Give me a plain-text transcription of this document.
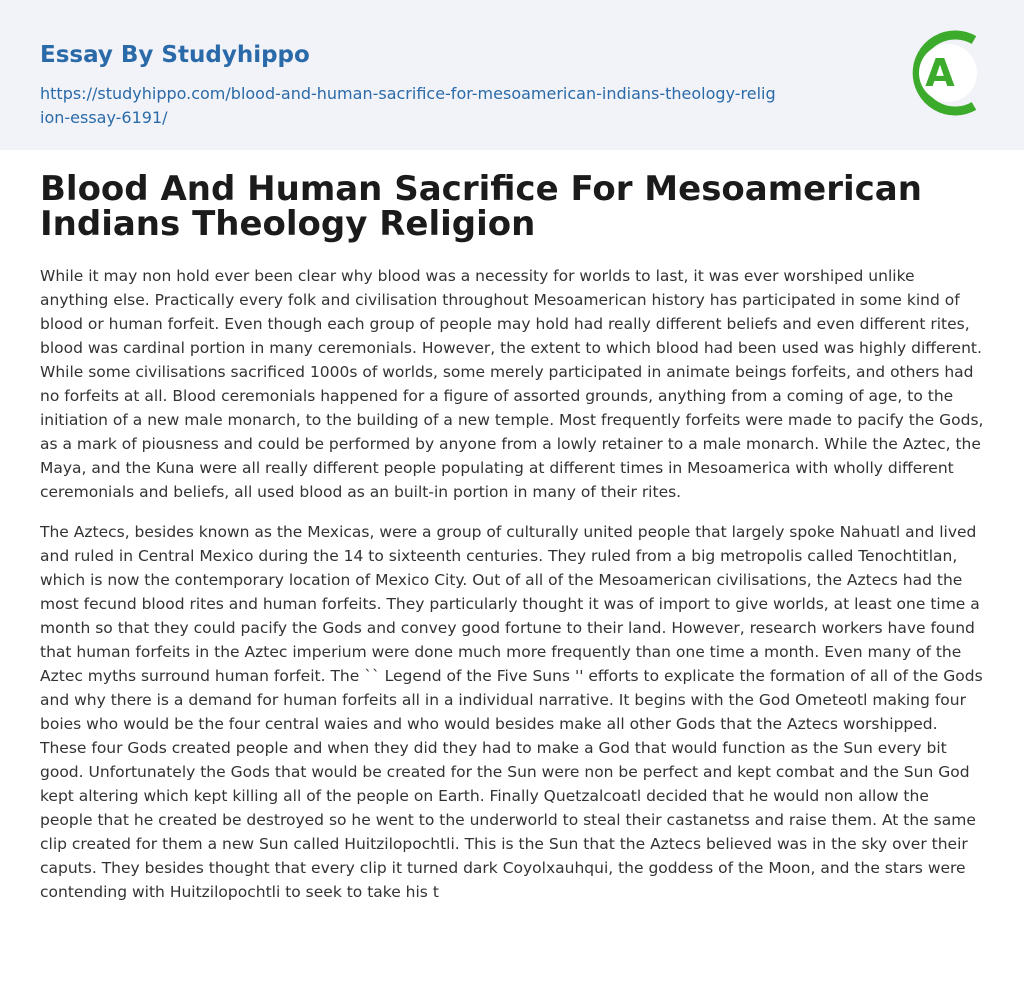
Essay By Studyhippo
https://studyhippo.com/blood-and-human-sacrifice-for-mesoamerican-indians-theology-religion-essay-6191/
A
Blood And Human Sacrifice For Mesoamerican Indians Theology Religion

While it may non hold ever been clear why blood was a necessity for worlds to last, it was ever worshiped unlike anything else. Practically every folk and civilisation throughout Mesoamerican history has participated in some kind of blood or human forfeit. Even though each group of people may hold had really different beliefs and even different rites, blood was cardinal portion in many ceremonials. However, the extent to which blood had been used was highly different. While some civilisations sacrificed 1000s of worlds, some merely participated in animate beings forfeits, and others had no forfeits at all. Blood ceremonials happened for a figure of assorted grounds, anything from a coming of age, to the initiation of a new male monarch, to the building of a new temple. Most frequently forfeits were made to pacify the Gods, as a mark of piousness and could be performed by anyone from a lowly retainer to a male monarch. While the Aztec, the Maya, and the Kuna were all really different people populating at different times in Mesoamerica with wholly different ceremonials and beliefs, all used blood as an built-in portion in many of their rites.

The Aztecs, besides known as the Mexicas, were a group of culturally united people that largely spoke Nahuatl and lived and ruled in Central Mexico during the 14 to sixteenth centuries. They ruled from a big metropolis called Tenochtitlan, which is now the contemporary location of Mexico City. Out of all of the Mesoamerican civilisations, the Aztecs had the most fecund blood rites and human forfeits. They particularly thought it was of import to give worlds, at least one time a month so that they could pacify the Gods and convey good fortune to their land. However, research workers have found that human forfeits in the Aztec imperium were done much more frequently than one time a month. Even many of the Aztec myths surround human forfeit. The `` Legend of the Five Suns '' efforts to explicate the formation of all of the Gods and why there is a demand for human forfeits all in a individual narrative. It begins with the God Ometeotl making four boies who would be the four central waies and who would besides make all other Gods that the Aztecs worshipped. These four Gods created people and when they did they had to make a God that would function as the Sun every bit good. Unfortunately the Gods that would be created for the Sun were non be perfect and kept combat and the Sun God kept altering which kept killing all of the people on Earth. Finally Quetzalcoatl decided that he would non allow the people that he created be destroyed so he went to the underworld to steal their castanetss and raise them. At the same clip created for them a new Sun called Huitzilopochtli. This is the Sun that the Aztecs believed was in the sky over their caputs. They besides thought that every clip it turned dark Coyolxauhqui, the goddess of the Moon, and the stars were contending with Huitzilopochtli to seek to take his t
